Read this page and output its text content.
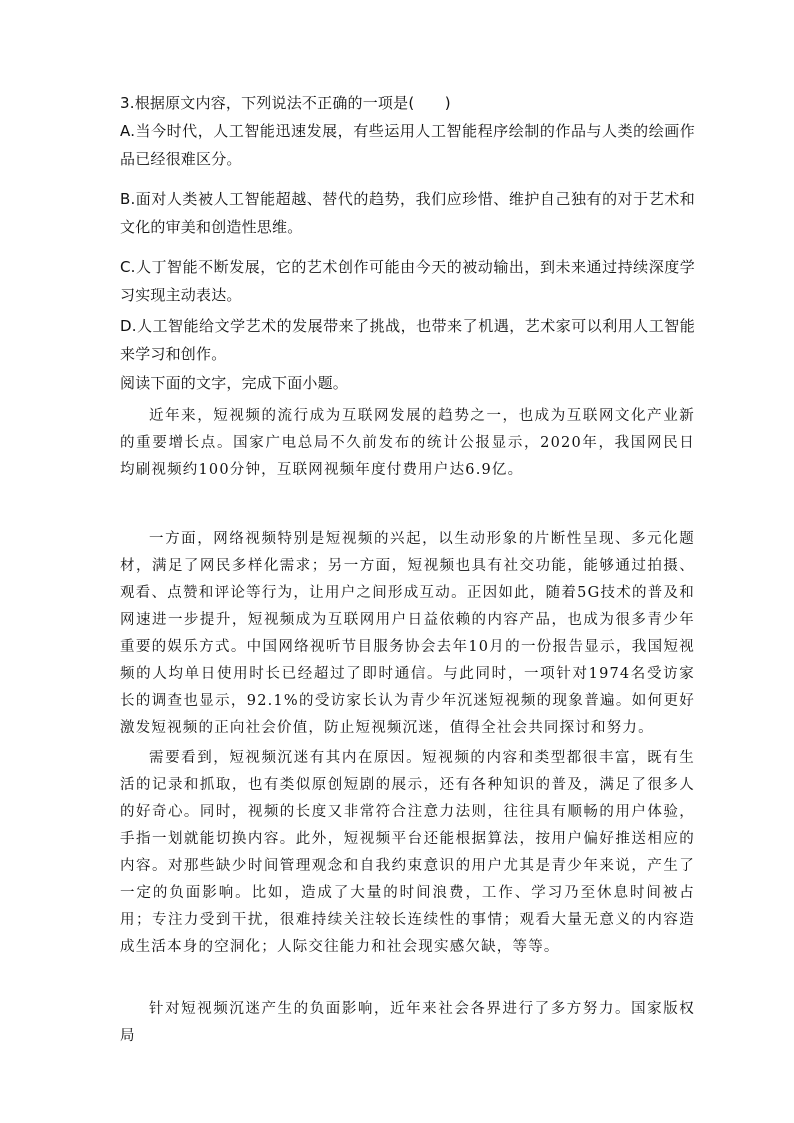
3.根据原文内容，下列说法不正确的一项是(　　)
A.当今时代，人工智能迅速发展，有些运用人工智能程序绘制的作品与人类的绘画作品已经很难区分。
B.面对人类被人工智能超越、替代的趋势，我们应珍惜、维护自己独有的对于艺术和文化的审美和创造性思维。
C.人丁智能不断发展，它的艺术创作可能由今天的被动输出，到未来通过持续深度学习实现主动表达。
D.人工智能给文学艺术的发展带来了挑战，也带来了机遇，艺术家可以利用人工智能来学习和创作。
阅读下面的文字，完成下面小题。
近年来，短视频的流行成为互联网发展的趋势之一，也成为互联网文化产业新的重要增长点。国家广电总局不久前发布的统计公报显示，2020年，我国网民日均刷视频约100分钟，互联网视频年度付费用户达6.9亿。
一方面，网络视频特别是短视频的兴起，以生动形象的片断性呈现、多元化题材，满足了网民多样化需求；另一方面，短视频也具有社交功能，能够通过拍摄、观看、点赞和评论等行为，让用户之间形成互动。正因如此，随着5G技术的普及和网速进一步提升，短视频成为互联网用户日益依赖的内容产品，也成为很多青少年重要的娱乐方式。中国网络视听节目服务协会去年10月的一份报告显示，我国短视频的人均单日使用时长已经超过了即时通信。与此同时，一项针对1974名受访家长的调查也显示，92.1%的受访家长认为青少年沉迷短视频的现象普遍。如何更好激发短视频的正向社会价值，防止短视频沉迷，值得全社会共同探讨和努力。
需要看到，短视频沉迷有其内在原因。短视频的内容和类型都很丰富，既有生活的记录和抓取，也有类似原创短剧的展示，还有各种知识的普及，满足了很多人的好奇心。同时，视频的长度又非常符合注意力法则，往往具有顺畅的用户体验，手指一划就能切换内容。此外，短视频平台还能根据算法，按用户偏好推送相应的内容。对那些缺少时间管理观念和自我约束意识的用户尤其是青少年来说，产生了一定的负面影响。比如，造成了大量的时间浪费，工作、学习乃至休息时间被占用；专注力受到干扰，很难持续关注较长连续性的事情；观看大量无意义的内容造成生活本身的空洞化；人际交往能力和社会现实感欠缺，等等。
针对短视频沉迷产生的负面影响，近年来社会各界进行了多方努力。国家版权局
